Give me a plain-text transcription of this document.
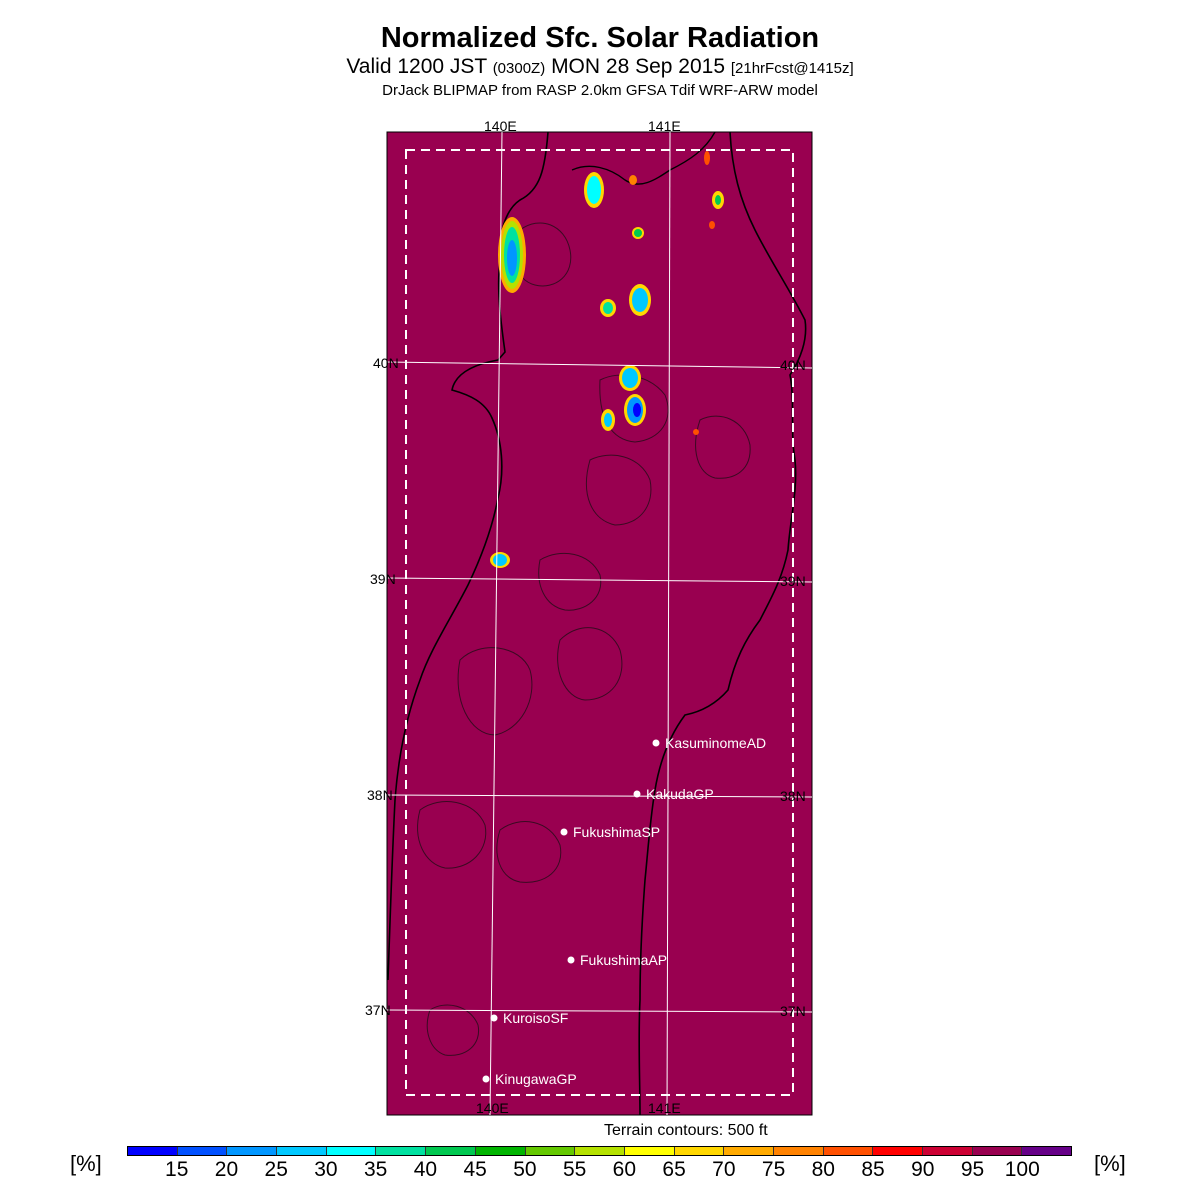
Normalized Sfc. Solar Radiation
Valid 1200 JST (0300Z) MON 28 Sep 2015 [21hrFcst@1415z]
DrJack BLIPMAP from RASP 2.0km GFSA Tdif WRF-ARW model
140E	141E
140E	141E
40N
39N
38N
37N
40N
39N
38N
37N
KasuminomeAD
KakudaGP
FukushimaSP
FukushimaAP
KuroisoSF
KinugawaGP
Terrain contours: 500 ft
[%]	15 20 25 30 35 40 45 50 55 60 65 70 75 80 85 90 95 100 [%]
